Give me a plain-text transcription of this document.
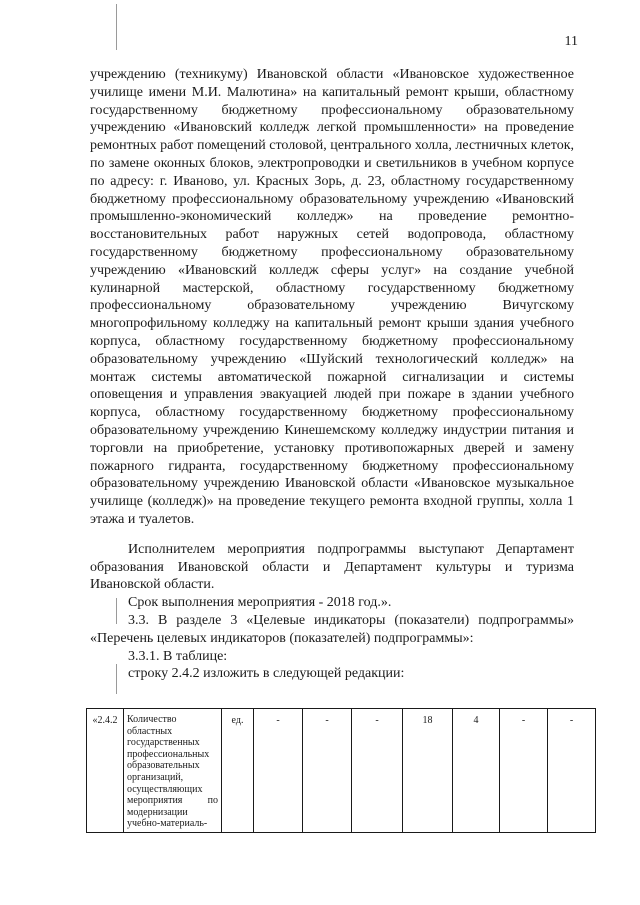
11

учреждению (техникуму) Ивановской области «Ивановское художественное училище имени М.И. Малютина» на капитальный ремонт крыши, областному государственному бюджетному профессиональному образовательному учреждению «Ивановский колледж легкой промышленности» на проведение ремонтных работ помещений столовой, центрального холла, лестничных клеток, по замене оконных блоков, электропроводки и светильников в учебном корпусе по адресу: г. Иваново, ул. Красных Зорь, д. 23, областному государственному бюджетному профессиональному образовательному учреждению «Ивановский промышленно-экономический колледж» на проведение ремонтно-восстановительных работ наружных сетей водопровода, областному государственному бюджетному профессиональному образовательному учреждению «Ивановский колледж сферы услуг» на создание учебной кулинарной мастерской, областному государственному бюджетному профессиональному образовательному учреждению Вичугскому многопрофильному колледжу на капитальный ремонт крыши здания учебного корпуса, областному государственному бюджетному профессиональному образовательному учреждению «Шуйский технологический колледж» на монтаж системы автоматической пожарной сигнализации и системы оповещения и управления эвакуацией людей при пожаре в здании учебного корпуса, областному государственному бюджетному профессиональному образовательному учреждению Кинешемскому колледжу индустрии питания и торговли на приобретение, установку противопожарных дверей и замену пожарного гидранта, государственному бюджетному профессиональному образовательному учреждению Ивановской области «Ивановское музыкальное училище (колледж)» на проведение текущего ремонта входной группы, холла 1 этажа и туалетов.

Исполнителем мероприятия подпрограммы выступают Департамент образования Ивановской области и Департамент культуры и туризма Ивановской области.

Срок выполнения мероприятия - 2018 год.».

3.3. В разделе 3 «Целевые индикаторы (показатели) подпрограммы» «Перечень целевых индикаторов (показателей) подпрограммы»:

3.3.1. В таблице:

строку 2.4.2 изложить в следующей редакции:

«2.4.2	Количество областных государственных профессиональных образовательных организаций, осуществляющих мероприятия по модернизации учебно-материаль-	ед.	-	-	-	18	4	-	-
